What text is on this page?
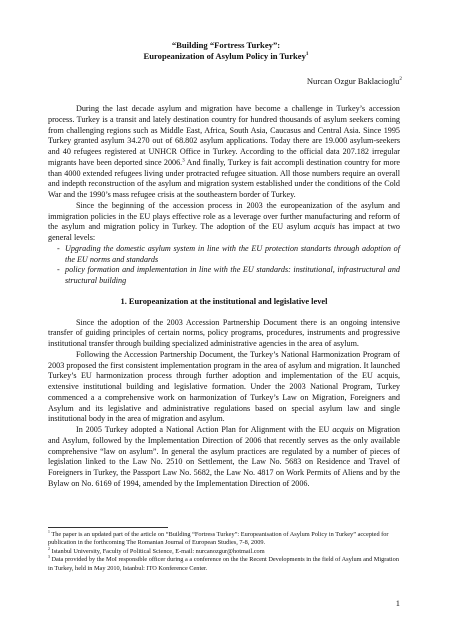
“Building “Fortress Turkey”:
Europeanization of Asylum Policy in Turkey$^1$
Nurcan Ozgur Baklacioglu$^2$

During the last decade asylum and migration have become a challenge in Turkey’s accession process. Turkey is a transit and lately destination country for hundred thousands of asylum seekers coming from challenging regions such as Middle East, Africa, South Asia, Caucasus and Central Asia. Since 1995 Turkey granted asylum 34.270 out of 68.802 asylum applications. Today there are 19.000 asylum-seekers and 40 refugees registered at UNHCR Office in Turkey. According to the official data 207.182 irregular migrants have been deported since 2006.$^3$ And finally, Turkey is fait accompli destination country for more than 4000 extended refugees living under protracted refugee situation. All those numbers require an overall and indepth reconstruction of the asylum and migration system established under the conditions of the Cold War and the 1990’s mass refugee crisis at the southeastern border of Turkey.

Since the beginning of the accession process in 2003 the europeanization of the asylum and immigration policies in the EU plays effective role as a leverage over further manufacturing and reform of the asylum and migration policy in Turkey. The adoption of the EU asylum acquis has impact at two general levels:

- Upgrading the domestic asylum system in line with the EU protection standarts through adoption of the EU norms and standards
- policy formation and implementation in line with the EU standards: institutional, infrastructural and structural building
1. Europeanization at the institutional and legislative level

Since the adoption of the 2003 Accession Partnership Document there is an ongoing intensive transfer of guiding principles of certain norms, policy programs, procedures, instruments and progressive institutional transfer through building specialized administrative agencies in the area of asylum.

Following the Accession Partnership Document, the Turkey’s National Harmonization Program of 2003 proposed the first consistent implementation program in the area of asylum and migration. It launched Turkey’s EU harmonization process through further adoption and implementation of the EU acquis, extensive institutional building and legislative formation. Under the 2003 National Program, Turkey commenced a a comprehensive work on harmonization of Turkey’s Law on Migration, Foreigners and Asylum and its legislative and administrative regulations based on special asylum law and single institutional body in the area of migration and asylum.

In 2005 Turkey adopted a National Action Plan for Alignment with the EU acquis on Migration and Asylum, followed by the Implementation Direction of 2006 that recently serves as the only available comprehensive “law on asylum”. In general the asylum practices are regulated by a number of pieces of legislation linked to the Law No. 2510 on Settlement, the Law No. 5683 on Residence and Travel of Foreigners in Turkey, the Passport Law No. 5682, the Law No. 4817 on Work Permits of Aliens and by the Bylaw on No. 6169 of 1994, amended by the Implementation Direction of 2006.

$^1$ The paper is an updated part of the article on “Building “Fortress Turkey”: Europeanisation of Asylum Policy in Turkey” accepted for publication in the forthcoming The Romanian Journal of European Studies, 7-8, 2009.
$^2$ Istanbul University, Faculty of Political Science, E-mail: nurcanozgur@hotmail.com
$^3$ Data provided by the MoI responsible officer during a a conference on the the Recent Developments in the field of Asylum and Migration in Turkey, held in May 2010, Istanbul: ITO Konference Center.
1
